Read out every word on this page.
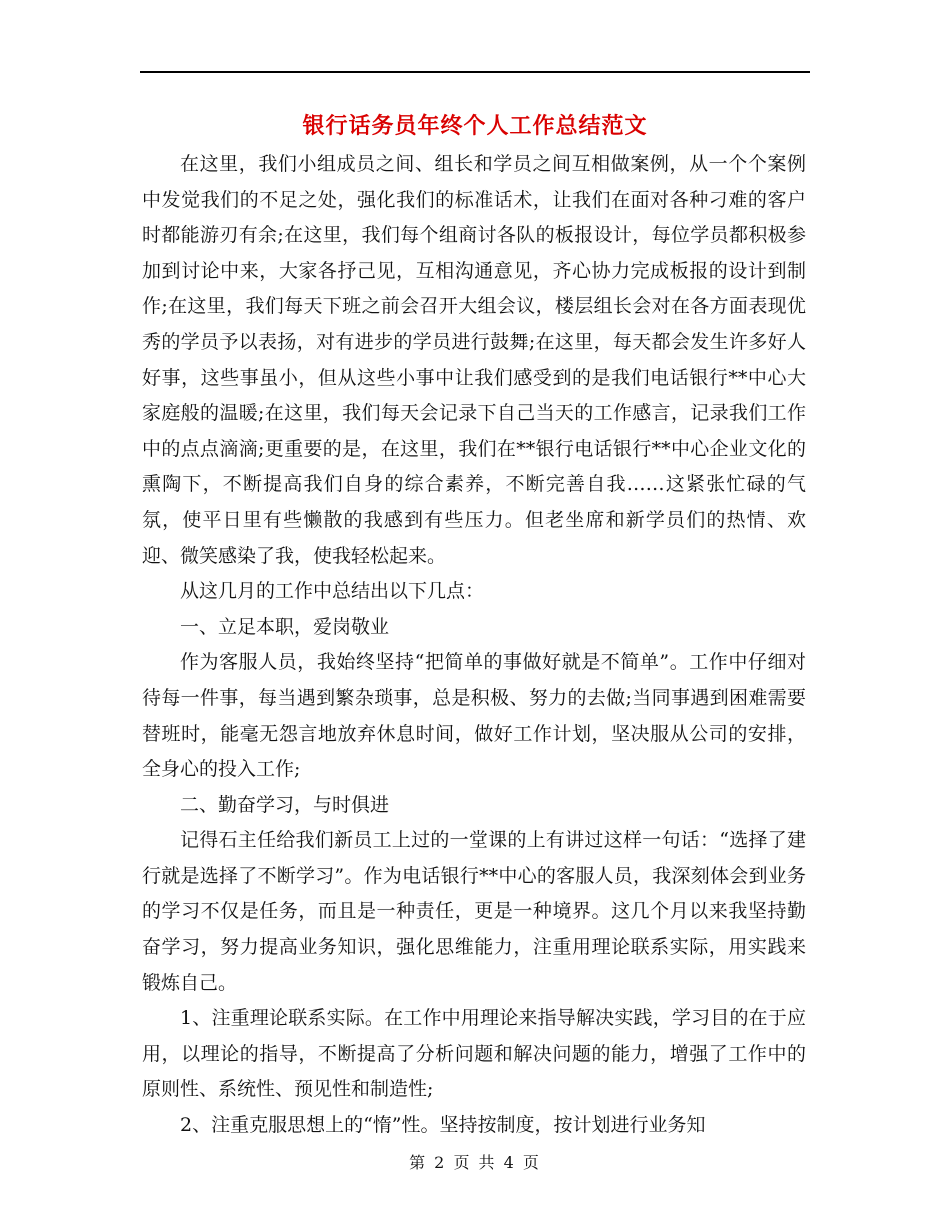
银行话务员年终个人工作总结范文

在这里，我们小组成员之间、组长和学员之间互相做案例，从一个个案例中发觉我们的不足之处，强化我们的标准话术，让我们在面对各种刁难的客户时都能游刃有余;在这里，我们每个组商讨各队的板报设计，每位学员都积极参加到讨论中来，大家各抒己见，互相沟通意见，齐心协力完成板报的设计到制作;在这里，我们每天下班之前会召开大组会议，楼层组长会对在各方面表现优秀的学员予以表扬，对有进步的学员进行鼓舞;在这里，每天都会发生许多好人好事，这些事虽小，但从这些小事中让我们感受到的是我们电话银行**中心大家庭般的温暖;在这里，我们每天会记录下自己当天的工作感言，记录我们工作中的点点滴滴;更重要的是，在这里，我们在**银行电话银行**中心企业文化的熏陶下，不断提高我们自身的综合素养，不断完善自我……这紧张忙碌的气氛，使平日里有些懒散的我感到有些压力。但老坐席和新学员们的热情、欢迎、微笑感染了我，使我轻松起来。

从这几月的工作中总结出以下几点：

一、立足本职，爱岗敬业

作为客服人员，我始终坚持“把简单的事做好就是不简单”。工作中仔细对待每一件事，每当遇到繁杂琐事，总是积极、努力的去做;当同事遇到困难需要替班时，能毫无怨言地放弃休息时间，做好工作计划，坚决服从公司的安排，全身心的投入工作;

二、勤奋学习，与时俱进

记得石主任给我们新员工上过的一堂课的上有讲过这样一句话：“选择了建行就是选择了不断学习”。作为电话银行**中心的客服人员，我深刻体会到业务的学习不仅是任务，而且是一种责任，更是一种境界。这几个月以来我坚持勤奋学习，努力提高业务知识，强化思维能力，注重用理论联系实际，用实践来锻炼自己。

1、注重理论联系实际。在工作中用理论来指导解决实践，学习目的在于应用，以理论的指导，不断提高了分析问题和解决问题的能力，增强了工作中的原则性、系统性、预见性和制造性;

2、注重克服思想上的“惰”性。坚持按制度，按计划进行业务知

第 2 页 共 4 页
